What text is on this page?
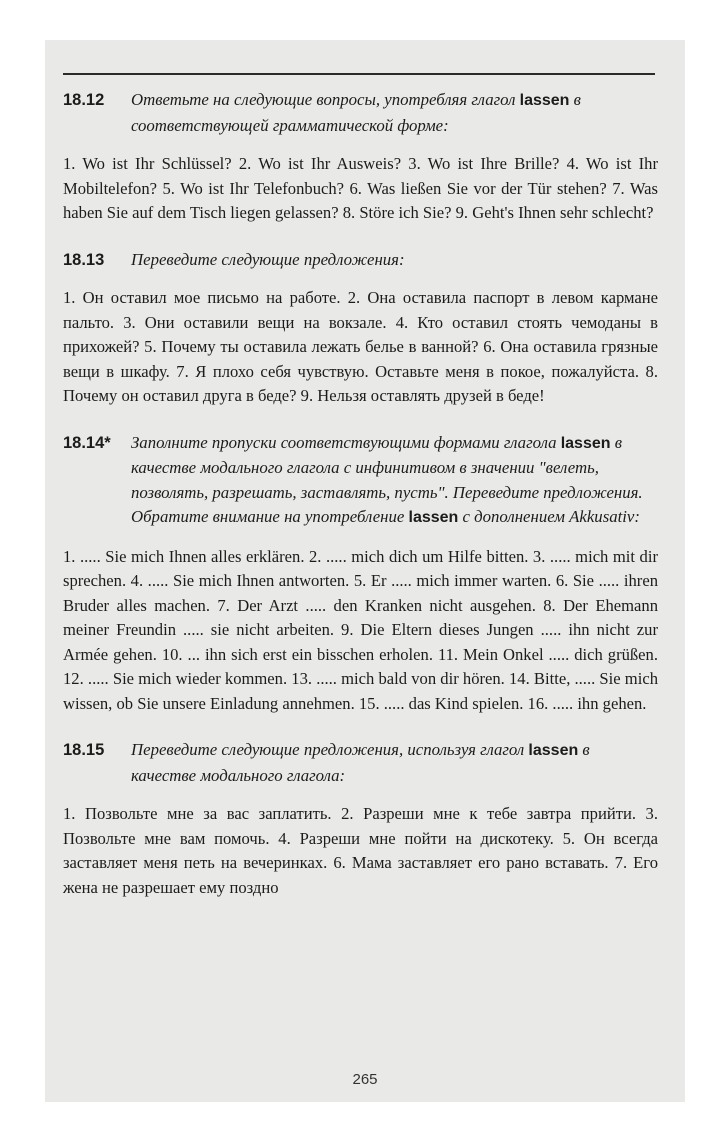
18.12 Ответьте на следующие вопросы, употребляя глагол lassen в соответствующей грамматической форме:
1. Wo ist Ihr Schlüssel? 2. Wo ist Ihr Ausweis? 3. Wo ist Ihre Brille? 4. Wo ist Ihr Mobiltelefon? 5. Wo ist Ihr Telefonbuch? 6. Was ließen Sie vor der Tür stehen? 7. Was haben Sie auf dem Tisch liegen gelassen? 8. Störe ich Sie? 9. Geht's Ihnen sehr schlecht?
18.13 Переведите следующие предложения:
1. Он оставил мое письмо на работе. 2. Она оставила паспорт в левом кармане пальто. 3. Они оставили вещи на вокзале. 4. Кто оставил стоять чемоданы в прихожей? 5. Почему ты оставила лежать белье в ванной? 6. Она оставила грязные вещи в шкафу. 7. Я плохо себя чувствую. Оставьте меня в покое, пожалуйста. 8. Почему он оставил друга в беде? 9. Нельзя оставлять друзей в беде!
18.14* Заполните пропуски соответствующими формами глагола lassen в качестве модального глагола с инфинитивом в значении "велеть, позволять, разрешать, заставлять, пусть". Переведите предложения. Обратите внимание на употребление lassen с дополнением Akkusativ:
1. ..... Sie mich Ihnen alles erklären. 2. ..... mich dich um Hilfe bitten. 3. ..... mich mit dir sprechen. 4. ..... Sie mich Ihnen antworten. 5. Er ..... mich immer warten. 6. Sie ..... ihren Bruder alles machen. 7. Der Arzt ..... den Kranken nicht ausgehen. 8. Der Ehemann meiner Freundin ..... sie nicht arbeiten. 9. Die Eltern dieses Jungen ..... ihn nicht zur Armée gehen. 10. ... ihn sich erst ein bisschen erholen. 11. Mein Onkel ..... dich grüßen. 12. ..... Sie mich wieder kommen. 13. ..... mich bald von dir hören. 14. Bitte, ..... Sie mich wissen, ob Sie unsere Einladung annehmen. 15. ..... das Kind spielen. 16. ..... ihn gehen.
18.15 Переведите следующие предложения, используя глагол lassen в качестве модального глагола:
1. Позвольте мне за вас заплатить. 2. Разреши мне к тебе завтра прийти. 3. Позвольте мне вам помочь. 4. Разреши мне пойти на дискотеку. 5. Он всегда заставляет меня петь на вечеринках. 6. Мама заставляет его рано вставать. 7. Его жена не разрешает ему поздно
265
